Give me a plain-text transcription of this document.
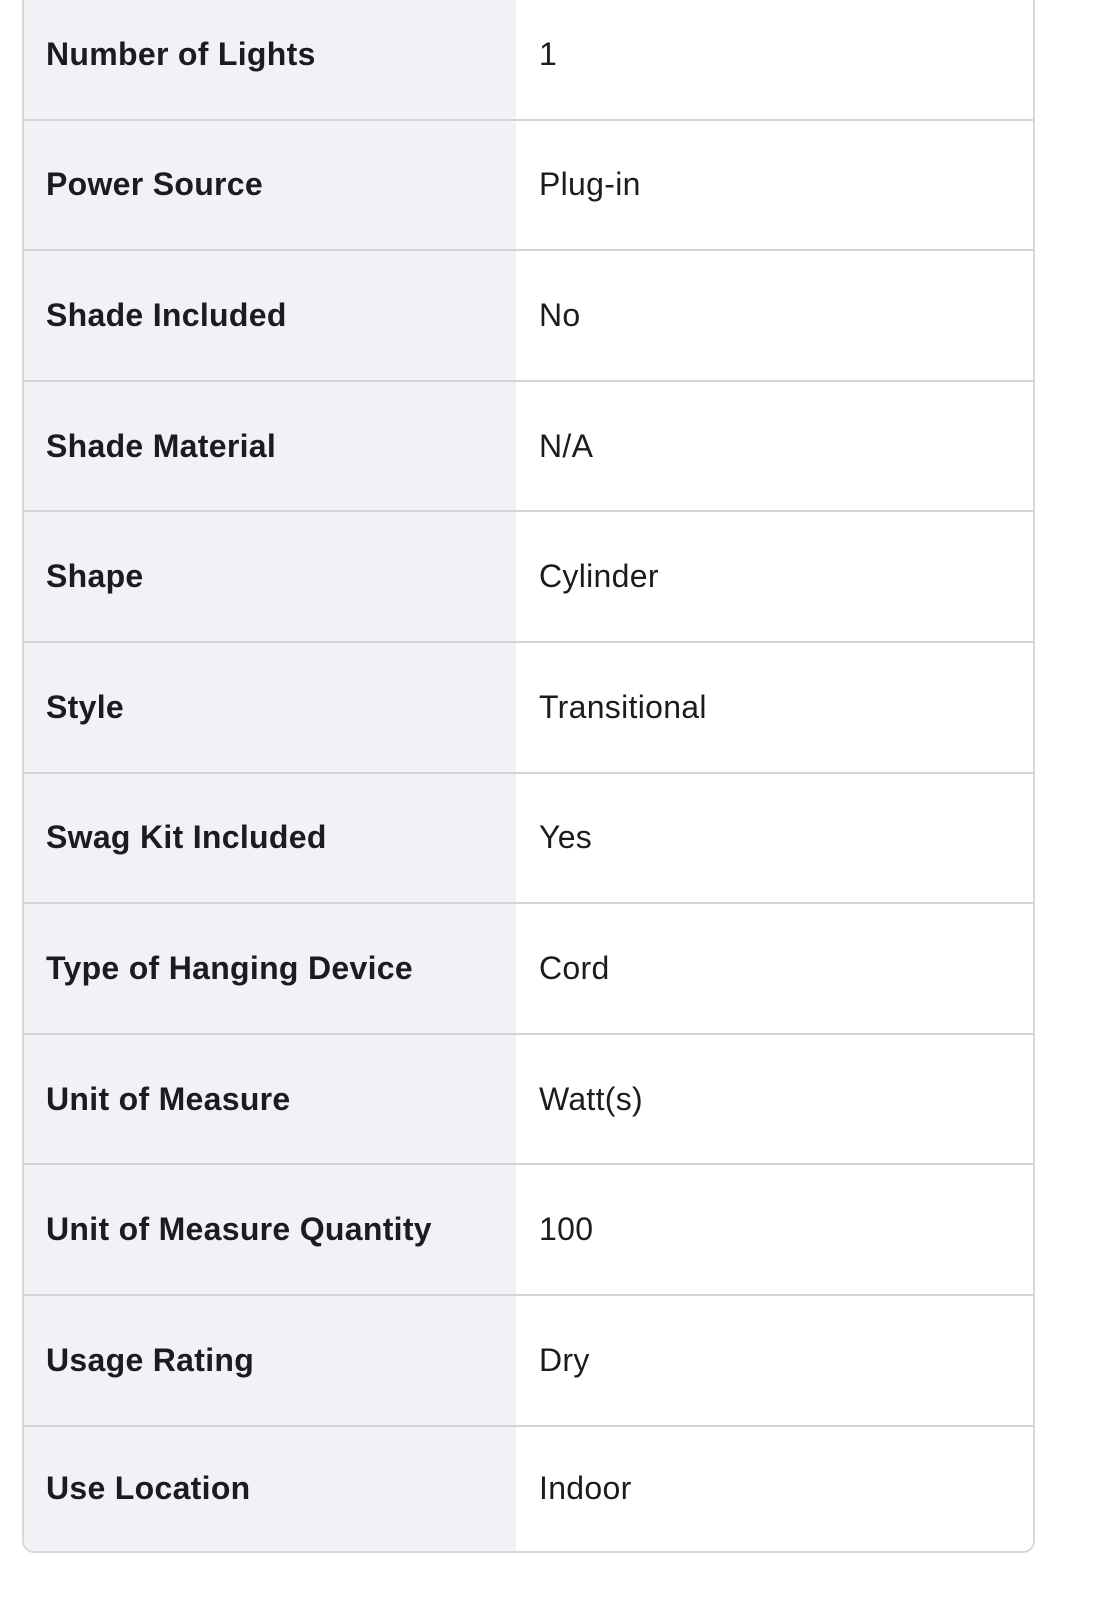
Number of Lights	1
Power Source	Plug-in
Shade Included	No
Shade Material	N/A
Shape	Cylinder
Style	Transitional
Swag Kit Included	Yes
Type of Hanging Device	Cord
Unit of Measure	Watt(s)
Unit of Measure Quantity	100
Usage Rating	Dry
Use Location	Indoor
